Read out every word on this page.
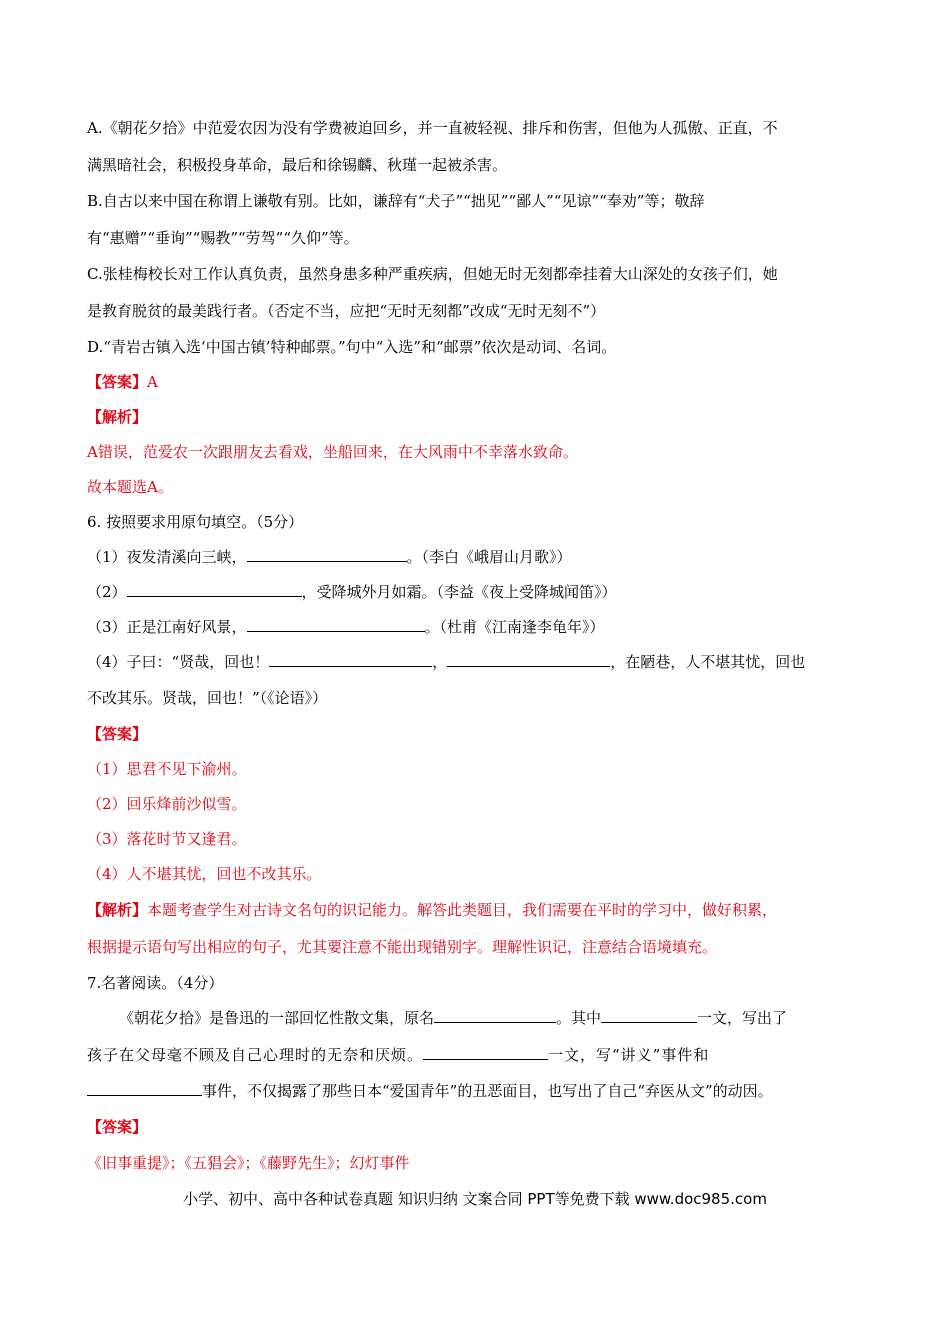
A.《朝花夕拾》中范爱农因为没有学费被迫回乡，并一直被轻视、排斥和伤害，但他为人孤傲、正直，不
满黑暗社会，积极投身革命，最后和徐锡麟、秋瑾一起被杀害。
B.自古以来中国在称谓上谦敬有别。比如，谦辞有“犬子”“拙见”“鄙人”“见谅”“奉劝”等；敬辞
有“惠赠”“垂询”“赐教”“劳驾”“久仰”等。
C.张桂梅校长对工作认真负责，虽然身患多种严重疾病，但她无时无刻都牵挂着大山深处的女孩子们，她
是教育脱贫的最美践行者。（否定不当，应把“无时无刻都”改成“无时无刻不”）
D.“青岩古镇入选‘中国古镇’特种邮票。”句中“入选”和“邮票”依次是动词、名词。
【答案】A
【解析】
A错误，范爱农一次跟朋友去看戏，坐船回来，在大风雨中不幸落水致命。
故本题选A。
6. 按照要求用原句填空。（5分）
（1）夜发清溪向三峡，	。（李白《峨眉山月歌》）
（2）	，受降城外月如霜。（李益《夜上受降城闻笛》）
（3）正是江南好风景，	。（杜甫《江南逢李龟年》）
（4）子曰：“贤哉，回也！	，	，在陋巷，人不堪其忧，回也
不改其乐。贤哉，回也！”（《论语》）
【答案】
（1）思君不见下渝州。
（2）回乐烽前沙似雪。
（3）落花时节又逢君。
（4）人不堪其忧，回也不改其乐。
【解析】本题考查学生对古诗文名句的识记能力。解答此类题目，我们需要在平时的学习中，做好积累，
根据提示语句写出相应的句子，尤其要注意不能出现错别字。理解性识记，注意结合语境填充。
7.名著阅读。（4分）
《朝花夕拾》是鲁迅的一部回忆性散文集，原名	。其中	一文，写出了
孩子在父母毫不顾及自己心理时的无奈和厌烦。	一文，写“讲义”事件和
事件，不仅揭露了那些日本“爱国青年”的丑恶面目，也写出了自己“弃医从文”的动因。
【答案】
《旧事重提》；《五猖会》；《藤野先生》；幻灯事件
小学、初中、高中各种试卷真题 知识归纳 文案合同 PPT等免费下载 www.doc985.com
